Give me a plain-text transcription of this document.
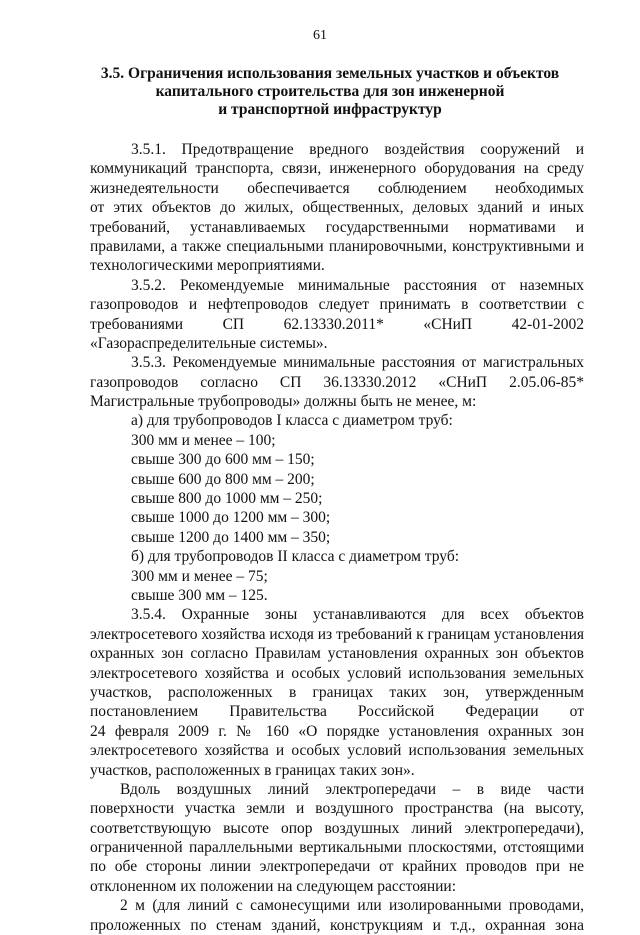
61
3.5. Ограничения использования земельных участков и объектов
капитального строительства для зон инженерной
и транспортной инфраструктур
3.5.1. Предотвращение вредного воздействия сооружений и
коммуникаций транспорта, связи, инженерного оборудования на среду
жизнедеятельности обеспечивается соблюдением необходимых
от этих объектов до жилых, общественных, деловых зданий и иных
требований, устанавливаемых государственными нормативами и
правилами, а также специальными планировочными, конструктивными и
технологическими мероприятиями.
3.5.2. Рекомендуемые минимальные расстояния от наземных
газопроводов и нефтепроводов следует принимать в соответствии с
требованиями СП 62.13330.2011* «СНиП 42-01-2002
«Газораспределительные системы».
3.5.3. Рекомендуемые минимальные расстояния от магистральных
газопроводов согласно СП 36.13330.2012 «СНиП 2.05.06-85*
Магистральные трубопроводы» должны быть не менее, м:
а) для трубопроводов I класса с диаметром труб:
300 мм и менее – 100;
свыше 300 до 600 мм – 150;
свыше 600 до 800 мм – 200;
свыше 800 до 1000 мм – 250;
свыше 1000 до 1200 мм – 300;
свыше 1200 до 1400 мм – 350;
б) для трубопроводов II класса с диаметром труб:
300 мм и менее – 75;
свыше 300 мм – 125.
3.5.4. Охранные зоны устанавливаются для всех объектов
электросетевого хозяйства исходя из требований к границам установления
охранных зон согласно Правилам установления охранных зон объектов
электросетевого хозяйства и особых условий использования земельных
участков, расположенных в границах таких зон, утвержденным
постановлением Правительства Российской Федерации от
24 февраля 2009 г. № 160 «О порядке установления охранных зон
электросетевого хозяйства и особых условий использования земельных
участков, расположенных в границах таких зон».
Вдоль воздушных линий электропередачи – в виде части
поверхности участка земли и воздушного пространства (на высоту,
соответствующую высоте опор воздушных линий электропередачи),
ограниченной параллельными вертикальными плоскостями, отстоящими
по обе стороны линии электропередачи от крайних проводов при не
отклоненном их положении на следующем расстоянии:
2 м (для линий с самонесущими или изолированными проводами,
проложенных по стенам зданий, конструкциям и т.д., охранная зона
